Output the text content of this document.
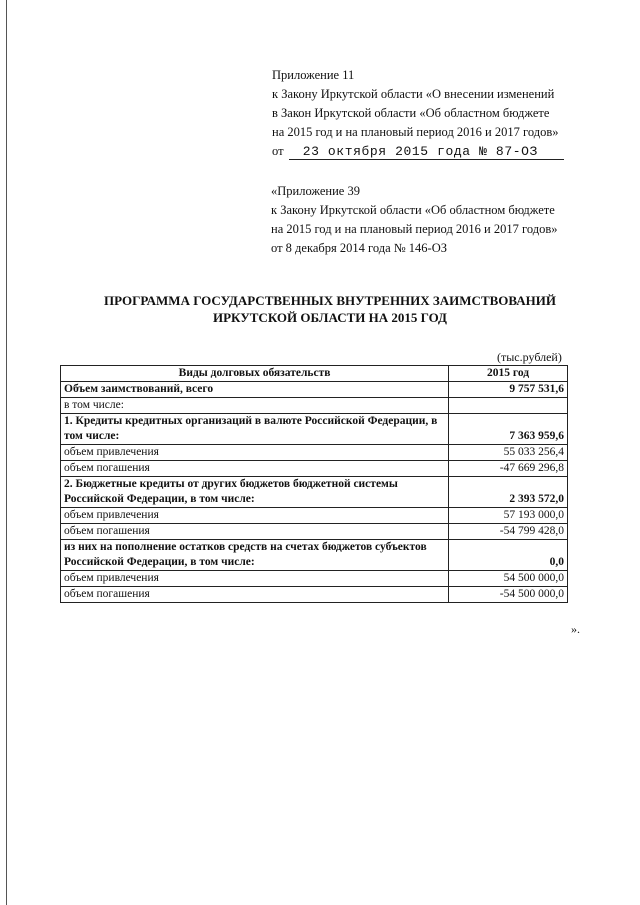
Приложение 11
к Закону Иркутской области «О внесении изменений
в Закон Иркутской области «Об областном бюджете
на 2015 год и на плановый период 2016 и 2017 годов»
от 23 октября 2015 года № 87-ОЗ
«Приложение 39
к Закону Иркутской области «Об областном бюджете
на 2015 год и на плановый период 2016 и 2017 годов»
от 8 декабря 2014 года № 146-ОЗ
ПРОГРАММА ГОСУДАРСТВЕННЫХ ВНУТРЕННИХ ЗАИМСТВОВАНИЙ
ИРКУТСКОЙ ОБЛАСТИ НА 2015 ГОД
(тыс.рублей)
Виды долговых обязательств	2015 год
Объем заимствований, всего	9 757 531,6
в том числе:	
1. Кредиты кредитных организаций в валюте Российской Федерации, в том числе:	7 363 959,6
объем привлечения	55 033 256,4
объем погашения	-47 669 296,8
2. Бюджетные кредиты от других бюджетов бюджетной системы Российской Федерации, в том числе:	2 393 572,0
объем привлечения	57 193 000,0
объем погашения	-54 799 428,0
из них на пополнение остатков средств на счетах бюджетов субъектов Российской Федерации, в том числе:	0,0
объем привлечения	54 500 000,0
объем погашения	-54 500 000,0
».
